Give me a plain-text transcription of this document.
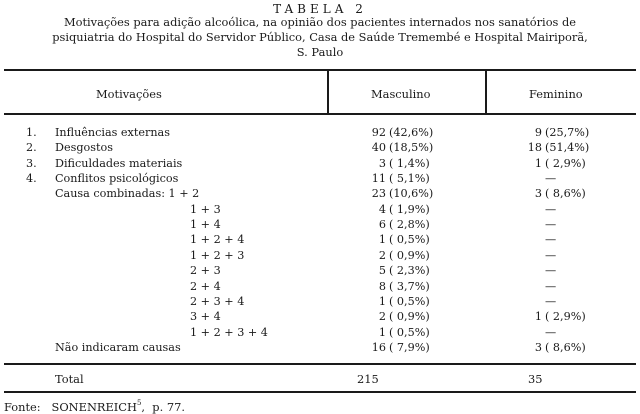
TABELA 2
Motivações para adição alcoólica, na opinião dos pacientes internados nos sanatórios de
psiquiatria do Hospital do Servidor Público, Casa de Saúde Tremembé e Hospital Mairiporã,
S. Paulo
Motivações	Masculino	Feminino
1. Influências externas	92 (42,6%)	9 (25,7%)
2. Desgostos	40 (18,5%)	18 (51,4%)
3. Dificuldades materiais	3 ( 1,4%)	1 ( 2,9%)
4. Conflitos psicológicos	11 ( 5,1%)	—
Causa combinadas: 1 + 2	23 (10,6%)	3 ( 8,6%)
1 + 3	4 ( 1,9%)	—
1 + 4	6 ( 2,8%)	—
1 + 2 + 4	1 ( 0,5%)	—
1 + 2 + 3	2 ( 0,9%)	—
2 + 3	5 ( 2,3%)	—
2 + 4	8 ( 3,7%)	—
2 + 3 + 4	1 ( 0,5%)	—
3 + 4	2 ( 0,9%)	1 ( 2,9%)
1 + 2 + 3 + 4	1 ( 0,5%)	—
Não indicaram causas	16 ( 7,9%)	3 ( 8,6%)
Total	215	35
Fonte: SONENREICH$^5$,  p. 77.
